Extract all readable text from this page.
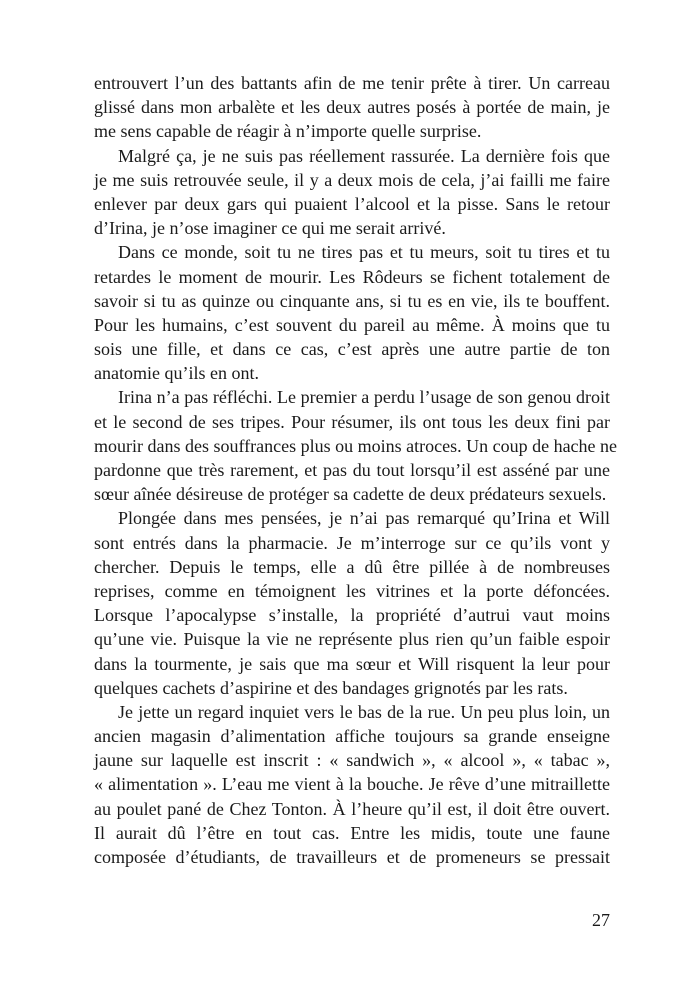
entrouvert l’un des battants afin de me tenir prête à tirer. Un carreau
glissé dans mon arbalète et les deux autres posés à portée de main, je
me sens capable de réagir à n’importe quelle surprise.
Malgré ça, je ne suis pas réellement rassurée. La dernière fois que
je me suis retrouvée seule, il y a deux mois de cela, j’ai failli me faire
enlever par deux gars qui puaient l’alcool et la pisse. Sans le retour
d’Irina, je n’ose imaginer ce qui me serait arrivé.
Dans ce monde, soit tu ne tires pas et tu meurs, soit tu tires et tu
retardes le moment de mourir. Les Rôdeurs se fichent totalement de
savoir si tu as quinze ou cinquante ans, si tu es en vie, ils te bouffent.
Pour les humains, c’est souvent du pareil au même. À moins que tu
sois une fille, et dans ce cas, c’est après une autre partie de ton
anatomie qu’ils en ont.
Irina n’a pas réfléchi. Le premier a perdu l’usage de son genou droit
et le second de ses tripes. Pour résumer, ils ont tous les deux fini par
mourir dans des souffrances plus ou moins atroces. Un coup de hache ne
pardonne que très rarement, et pas du tout lorsqu’il est asséné par une
sœur aînée désireuse de protéger sa cadette de deux prédateurs sexuels.
Plongée dans mes pensées, je n’ai pas remarqué qu’Irina et Will
sont entrés dans la pharmacie. Je m’interroge sur ce qu’ils vont y
chercher. Depuis le temps, elle a dû être pillée à de nombreuses
reprises, comme en témoignent les vitrines et la porte défoncées.
Lorsque l’apocalypse s’installe, la propriété d’autrui vaut moins
qu’une vie. Puisque la vie ne représente plus rien qu’un faible espoir
dans la tourmente, je sais que ma sœur et Will risquent la leur pour
quelques cachets d’aspirine et des bandages grignotés par les rats.
Je jette un regard inquiet vers le bas de la rue. Un peu plus loin, un
ancien magasin d’alimentation affiche toujours sa grande enseigne
jaune sur laquelle est inscrit : « sandwich », « alcool », « tabac »,
« alimentation ». L’eau me vient à la bouche. Je rêve d’une mitraillette
au poulet pané de Chez Tonton. À l’heure qu’il est, il doit être ouvert.
Il aurait dû l’être en tout cas. Entre les midis, toute une faune
composée d’étudiants, de travailleurs et de promeneurs se pressait
27
